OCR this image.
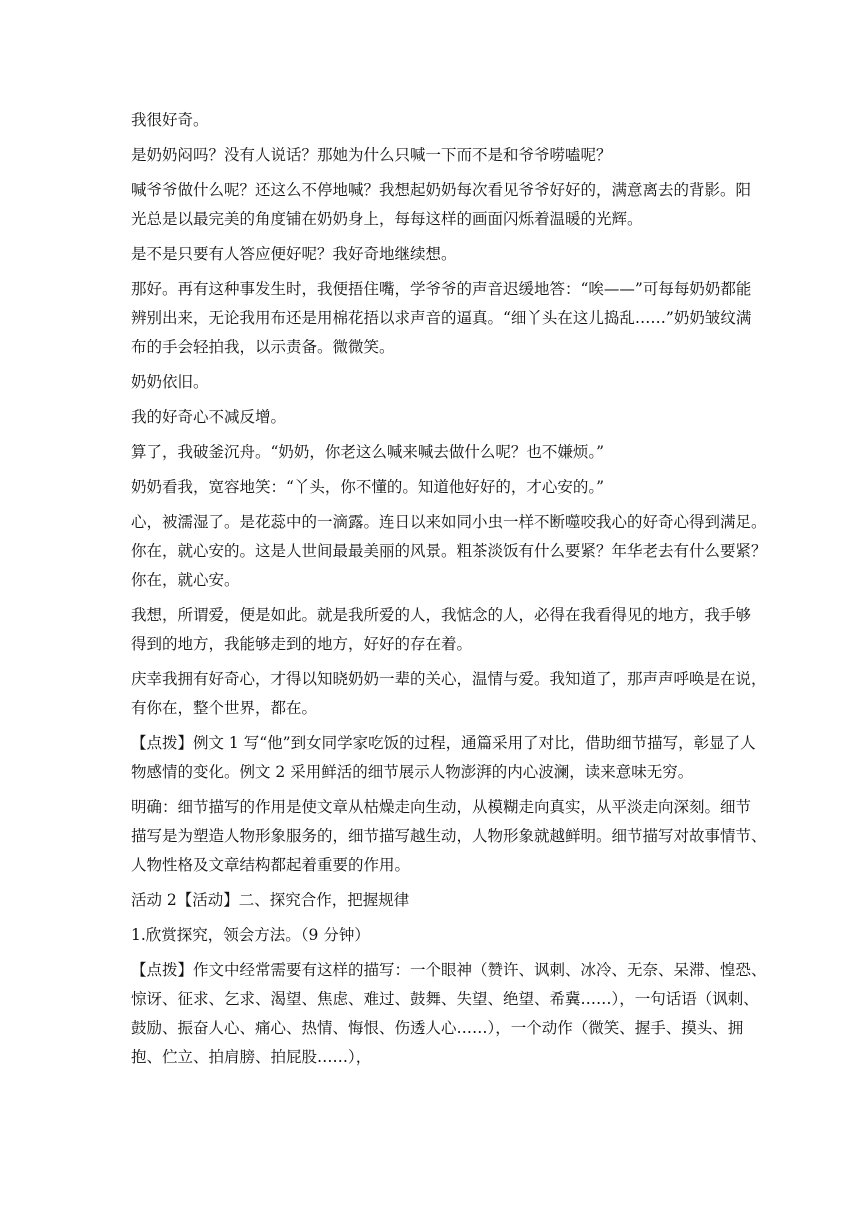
我很好奇。
是奶奶闷吗？没有人说话？那她为什么只喊一下而不是和爷爷唠嗑呢？
喊爷爷做什么呢？还这么不停地喊？我想起奶奶每次看见爷爷好好的，满意离去的背影。阳
光总是以最完美的角度铺在奶奶身上，每每这样的画面闪烁着温暖的光辉。
是不是只要有人答应便好呢？我好奇地继续想。
那好。再有这种事发生时，我便捂住嘴，学爷爷的声音迟缓地答：“唉——”可每每奶奶都能
辨别出来，无论我用布还是用棉花捂以求声音的逼真。“细丫头在这儿捣乱……”奶奶皱纹满
布的手会轻拍我，以示责备。微微笑。
奶奶依旧。
我的好奇心不减反增。
算了，我破釜沉舟。“奶奶，你老这么喊来喊去做什么呢？也不嫌烦。”
奶奶看我，宽容地笑：“丫头，你不懂的。知道他好好的，才心安的。”
心，被濡湿了。是花蕊中的一滴露。连日以来如同小虫一样不断噬咬我心的好奇心得到满足。
你在，就心安的。这是人世间最最美丽的风景。粗茶淡饭有什么要紧？年华老去有什么要紧？
你在，就心安。
我想，所谓爱，便是如此。就是我所爱的人，我惦念的人，必得在我看得见的地方，我手够
得到的地方，我能够走到的地方，好好的存在着。
庆幸我拥有好奇心，才得以知晓奶奶一辈的关心，温情与爱。我知道了，那声声呼唤是在说，
有你在，整个世界，都在。
【点拨】例文 1 写“他”到女同学家吃饭的过程，通篇采用了对比，借助细节描写，彰显了人
物感情的变化。例文 2 采用鲜活的细节展示人物澎湃的内心波澜，读来意味无穷。
明确：细节描写的作用是使文章从枯燥走向生动，从模糊走向真实，从平淡走向深刻。细节
描写是为塑造人物形象服务的，细节描写越生动，人物形象就越鲜明。细节描写对故事情节、
人物性格及文章结构都起着重要的作用。
活动 2【活动】二、探究合作，把握规律
1.欣赏探究，领会方法。（9 分钟）
【点拨】作文中经常需要有这样的描写：一个眼神（赞许、讽刺、冰冷、无奈、呆滞、惶恐、
惊讶、征求、乞求、渴望、焦虑、难过、鼓舞、失望、绝望、希冀……），一句话语（讽刺、
鼓励、振奋人心、痛心、热情、悔恨、伤透人心……），一个动作（微笑、握手、摸头、拥
抱、伫立、拍肩膀、拍屁股……），
